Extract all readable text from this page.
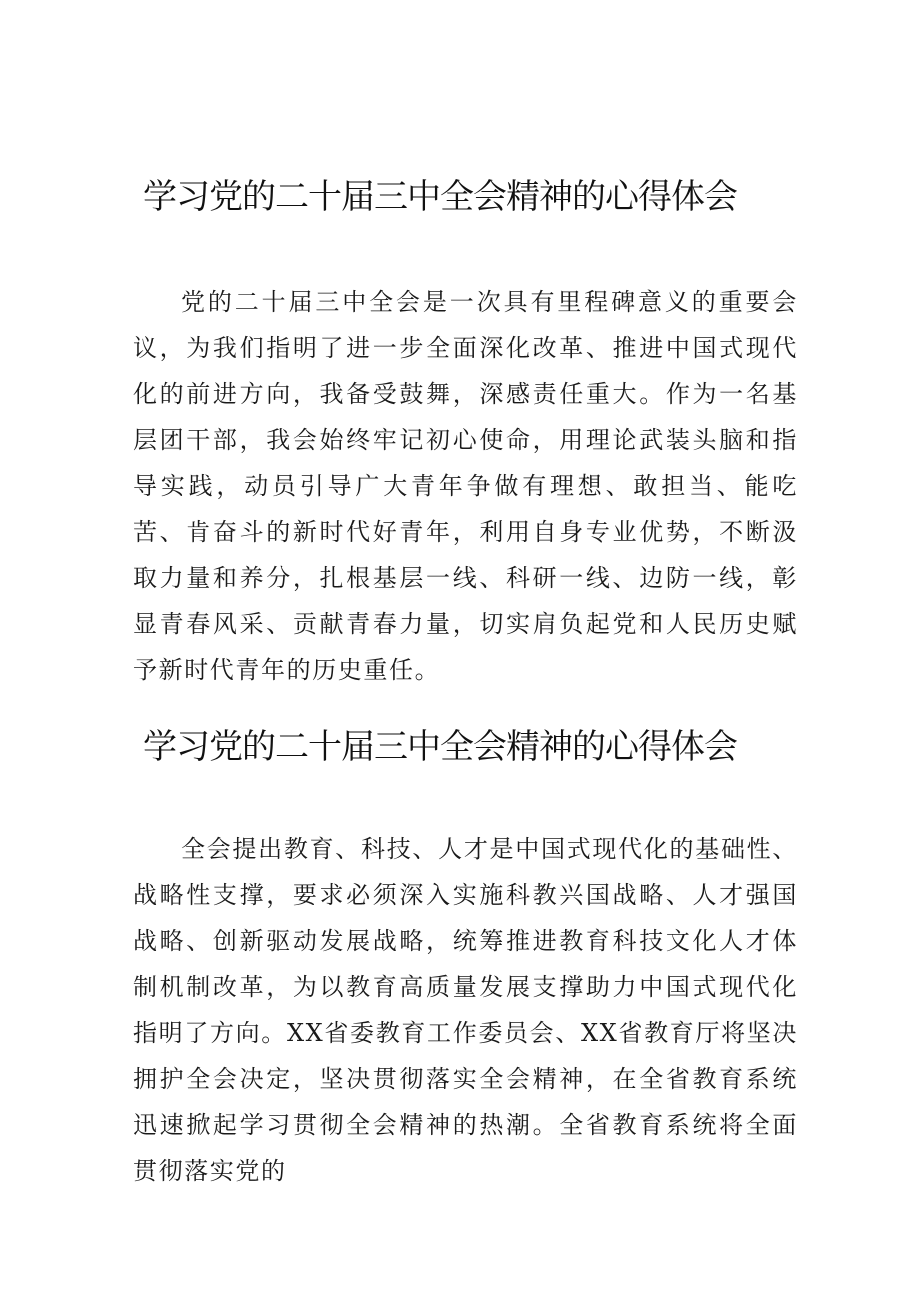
学习党的二十届三中全会精神的心得体会

党的二十届三中全会是一次具有里程碑意义的重要会议，为我们指明了进一步全面深化改革、推进中国式现代化的前进方向，我备受鼓舞，深感责任重大。作为一名基层团干部，我会始终牢记初心使命，用理论武装头脑和指导实践，动员引导广大青年争做有理想、敢担当、能吃苦、肯奋斗的新时代好青年，利用自身专业优势，不断汲取力量和养分，扎根基层一线、科研一线、边防一线，彰显青春风采、贡献青春力量，切实肩负起党和人民历史赋予新时代青年的历史重任。

学习党的二十届三中全会精神的心得体会

全会提出教育、科技、人才是中国式现代化的基础性、战略性支撑，要求必须深入实施科教兴国战略、人才强国战略、创新驱动发展战略，统筹推进教育科技文化人才体制机制改革，为以教育高质量发展支撑助力中国式现代化指明了方向。XX省委教育工作委员会、XX省教育厅将坚决拥护全会决定，坚决贯彻落实全会精神，在全省教育系统迅速掀起学习贯彻全会精神的热潮。全省教育系统将全面贯彻落实党的
